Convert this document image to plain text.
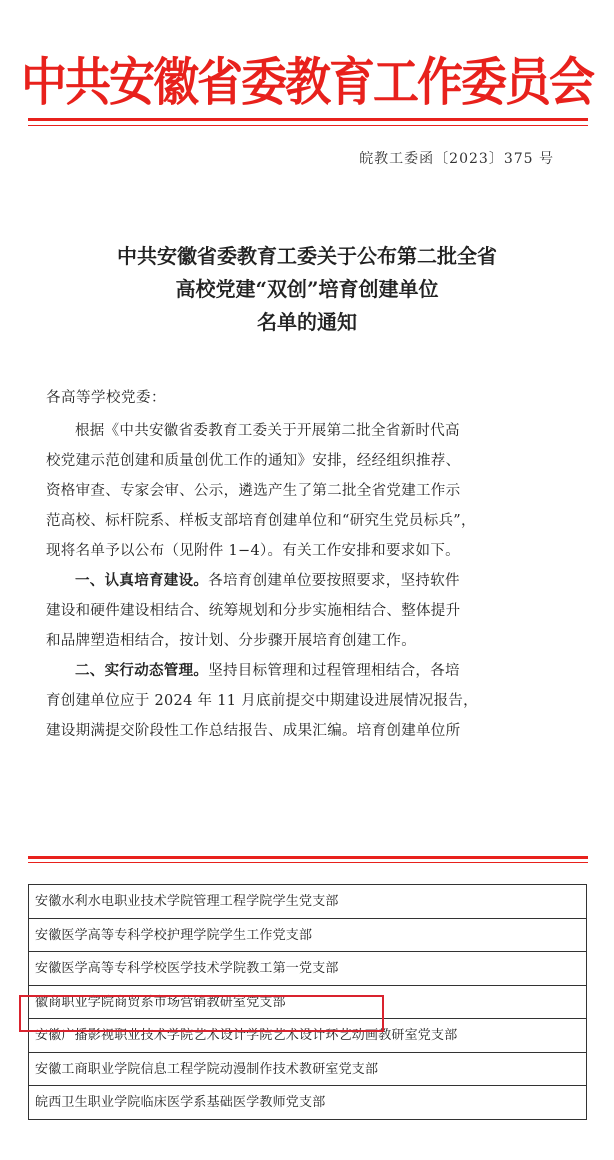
中共安徽省委教育工作委员会
皖教工委函〔2023〕375 号
中共安徽省委教育工委关于公布第二批全省
高校党建“双创”培育创建单位
名单的通知
各高等学校党委：
根据《中共安徽省委教育工委关于开展第二批全省新时代高
校党建示范创建和质量创优工作的通知》安排，经经组织推荐、
资格审查、专家会审、公示，遴选产生了第二批全省党建工作示
范高校、标杆院系、样板支部培育创建单位和“研究生党员标兵”，
现将名单予以公布（见附件 1−4）。有关工作安排和要求如下。
一、认真培育建设。各培育创建单位要按照要求，坚持软件
建设和硬件建设相结合、统筹规划和分步实施相结合、整体提升
和品牌塑造相结合，按计划、分步骤开展培育创建工作。
二、实行动态管理。坚持目标管理和过程管理相结合，各培
育创建单位应于 2024 年 11 月底前提交中期建设进展情况报告，
建设期满提交阶段性工作总结报告、成果汇编。培育创建单位所
安徽水利水电职业技术学院管理工程学院学生党支部
安徽医学高等专科学校护理学院学生工作党支部
安徽医学高等专科学校医学技术学院教工第一党支部
徽商职业学院商贸系市场营销教研室党支部
安徽广播影视职业技术学院艺术设计学院艺术设计环艺动画教研室党支部
安徽工商职业学院信息工程学院动漫制作技术教研室党支部
皖西卫生职业学院临床医学系基础医学教师党支部
